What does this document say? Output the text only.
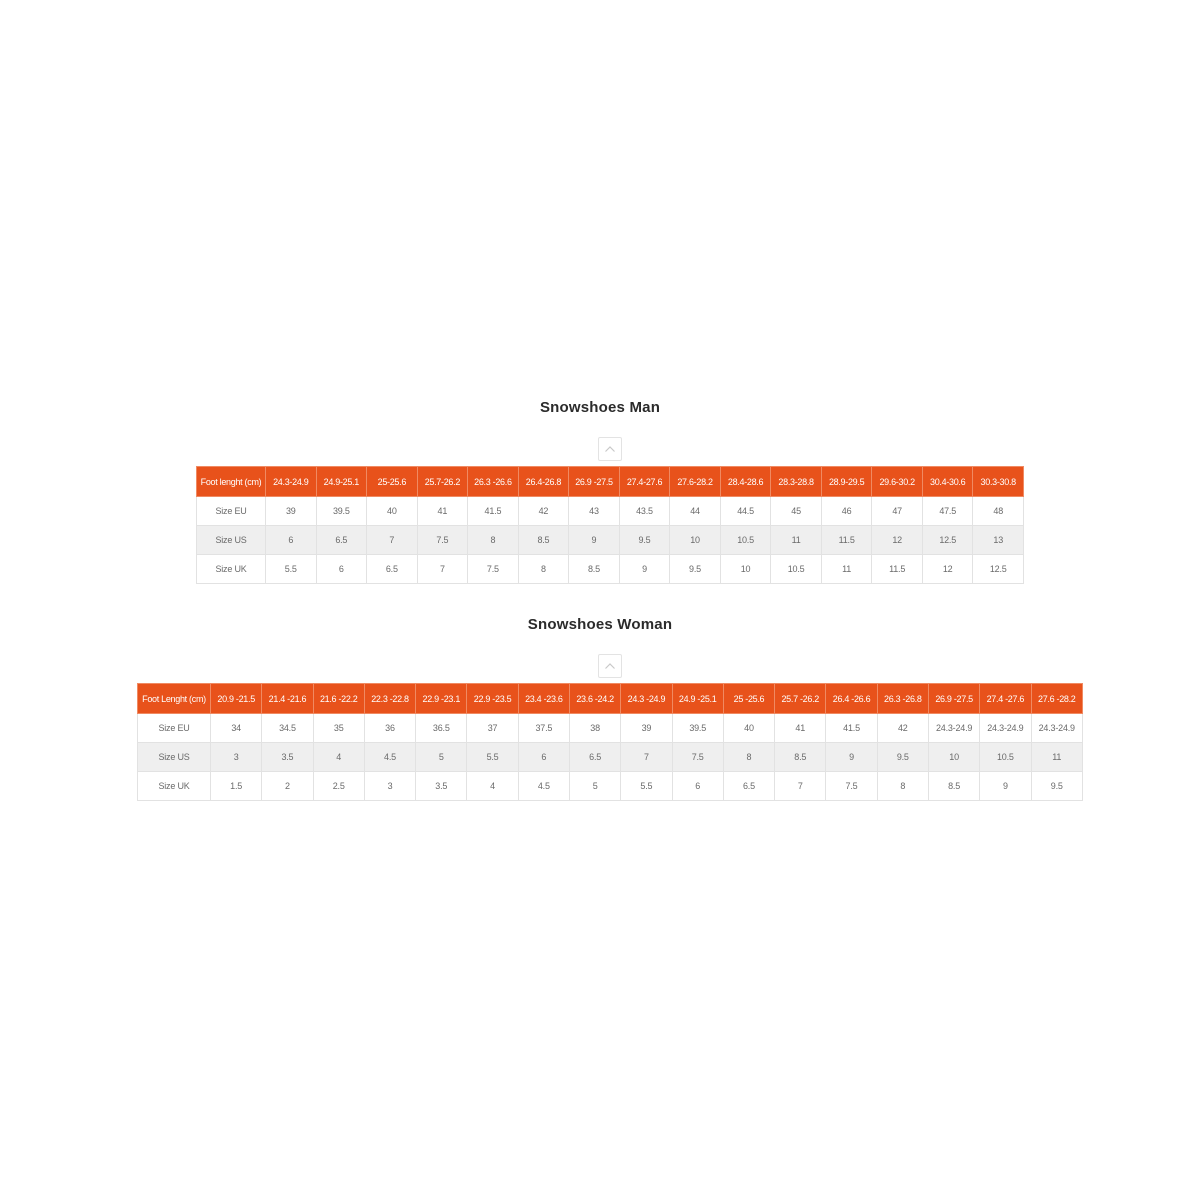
Snowshoes Man
Foot lenght (cm)	24.3-24.9	24.9-25.1	25-25.6	25.7-26.2	26.3 -26.6	26.4-26.8	26.9 -27.5	27.4-27.6	27.6-28.2	28.4-28.6	28.3-28.8	28.9-29.5	29.6-30.2	30.4-30.6	30.3-30.8
Size EU	39	39.5	40	41	41.5	42	43	43.5	44	44.5	45	46	47	47.5	48
Size US	6	6.5	7	7.5	8	8.5	9	9.5	10	10.5	11	11.5	12	12.5	13
Size UK	5.5	6	6.5	7	7.5	8	8.5	9	9.5	10	10.5	11	11.5	12	12.5
Snowshoes Woman
Foot Lenght (cm)	20.9 -21.5	21.4 -21.6	21.6 -22.2	22.3 -22.8	22.9 -23.1	22.9 -23.5	23.4 -23.6	23.6 -24.2	24.3 -24.9	24.9 -25.1	25 -25.6	25.7 -26.2	26.4 -26.6	26.3 -26.8	26.9 -27.5	27.4 -27.6	27.6 -28.2
Size EU	34	34.5	35	36	36.5	37	37.5	38	39	39.5	40	41	41.5	42	24.3-24.9	24.3-24.9	24.3-24.9
Size US	3	3.5	4	4.5	5	5.5	6	6.5	7	7.5	8	8.5	9	9.5	10	10.5	11
Size UK	1.5	2	2.5	3	3.5	4	4.5	5	5.5	6	6.5	7	7.5	8	8.5	9	9.5
